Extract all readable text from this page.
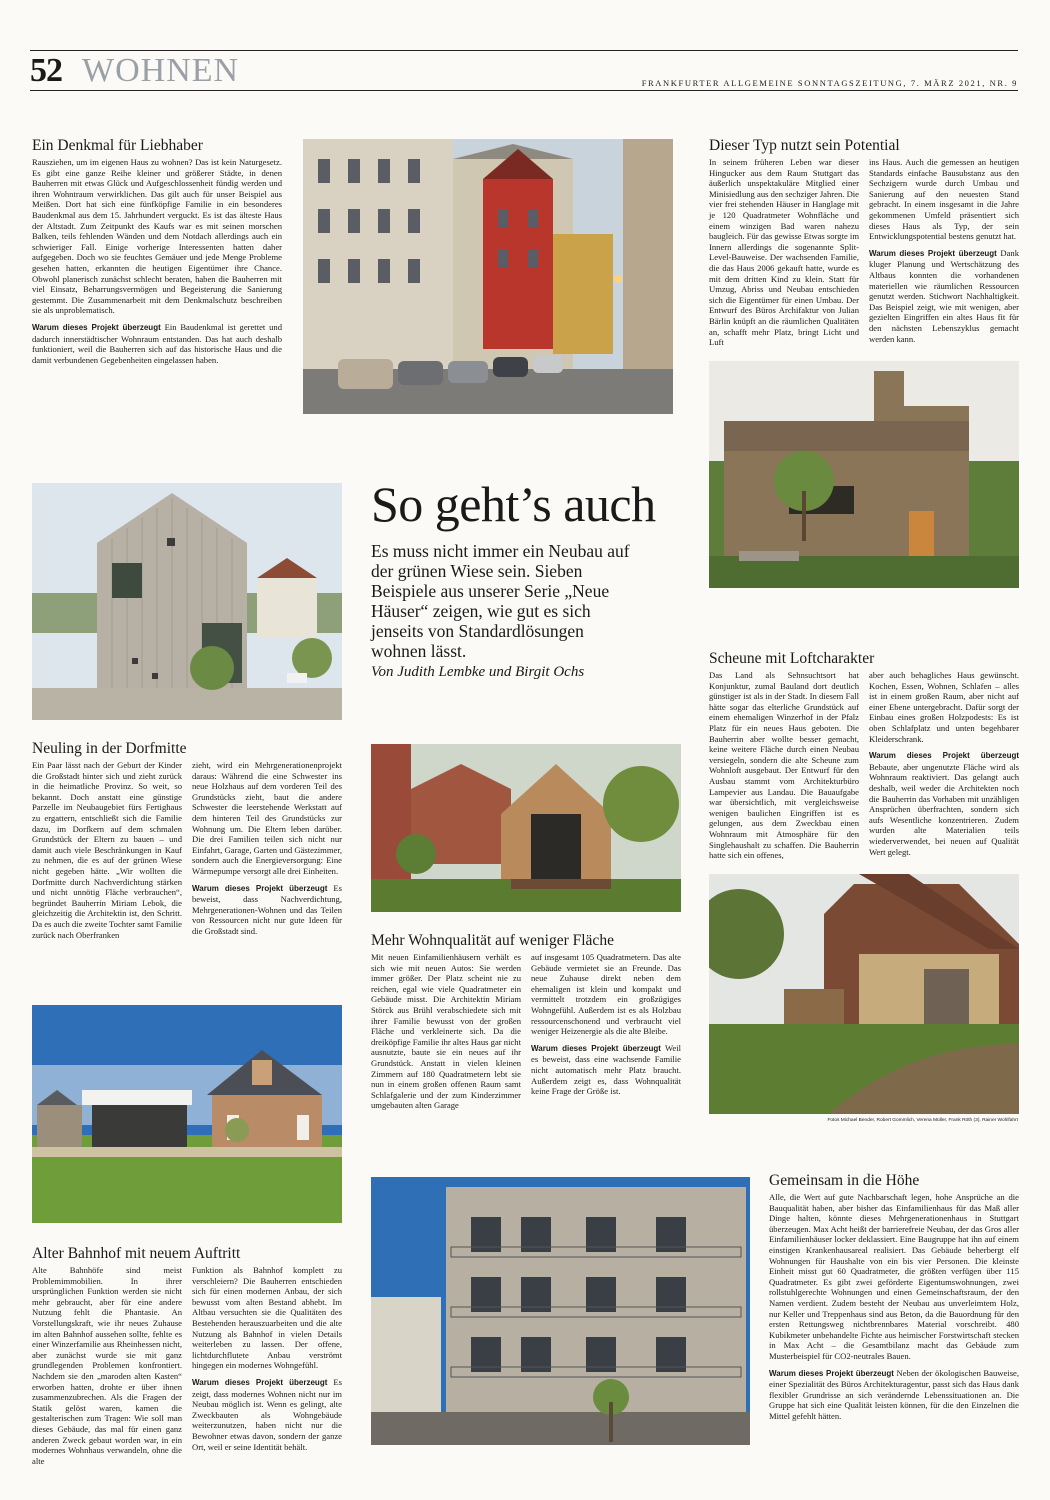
52 WOHNEN	FRANKFURTER ALLGEMEINE SONNTAGSZEITUNG, 7. MÄRZ 2021, NR. 9
Ein Denkmal für Liebhaber

Rausziehen, um im eigenen Haus zu wohnen? Das ist kein Naturgesetz. Es gibt eine ganze Reihe kleiner und größerer Städte, in denen Bauherren mit etwas Glück und Aufgeschlossenheit fündig werden und ihren Wohntraum verwirklichen. Das gilt auch für unser Beispiel aus Meißen. Dort hat sich eine fünfköpfige Familie in ein besonderes Baudenkmal aus dem 15. Jahrhundert verguckt. Es ist das älteste Haus der Altstadt. Zum Zeitpunkt des Kaufs war es mit seinen morschen Balken, teils fehlenden Wänden und dem Notdach allerdings auch ein schwieriger Fall. Einige vorherige Interessenten hatten daher aufgegeben. Doch wo sie feuchtes Gemäuer und jede Menge Probleme gesehen hatten, erkannten die heutigen Eigentümer ihre Chance. Obwohl planerisch zunächst schlecht beraten, haben die Bauherren mit viel Einsatz, Beharrungsvermögen und Begeisterung die Sanierung gestemmt. Die Zusammenarbeit mit dem Denkmalschutz beschreiben sie als unproblematisch.

Warum dieses Projekt überzeugt Ein Baudenkmal ist gerettet und dadurch innerstädtischer Wohnraum entstanden. Das hat auch deshalb funktioniert, weil die Bauherren sich auf das historische Haus und die damit verbundenen Gegebenheiten eingelassen haben.

Dieser Typ nutzt sein Potential

In seinem früheren Leben war dieser Hingucker aus dem Raum Stuttgart das äußerlich unspektakuläre Mitglied einer Minisiedlung aus den sechziger Jahren. Die vier frei stehenden Häuser in Hanglage mit je 120 Quadratmeter Wohnfläche und einem winzigen Bad waren nahezu baugleich. Für das gewisse Etwas sorgte im Innern allerdings die sogenannte Split-Level-Bauweise. Der wachsenden Familie, die das Haus 2006 gekauft hatte, wurde es mit dem dritten Kind zu klein. Statt für Umzug, Abriss und Neubau entschieden sich die Eigentümer für einen Umbau. Der Entwurf des Büros Archifaktur von Julian Bärlin knüpft an die räumlichen Qualitäten an, schafft mehr Platz, bringt Licht und Luft

ins Haus. Auch die gemessen an heutigen Standards einfache Bausubstanz aus den Sechzigern wurde durch Umbau und Sanierung auf den neuesten Stand gebracht. In einem insgesamt in die Jahre gekommenen Umfeld präsentiert sich dieses Haus als Typ, der sein Entwicklungspotential bestens genutzt hat.

Warum dieses Projekt überzeugt Dank kluger Planung und Wertschätzung des Altbaus konnten die vorhandenen materiellen wie räumlichen Ressourcen genutzt werden. Stichwort Nachhaltigkeit. Das Beispiel zeigt, wie mit wenigen, aber gezielten Eingriffen ein altes Haus fit für den nächsten Lebenszyklus gemacht werden kann.

So geht’s auch
Es muss nicht immer ein Neubau auf der grünen Wiese sein. Sieben Beispiele aus unserer Serie „Neue Häuser“ zeigen, wie gut es sich jenseits von Standardlösungen wohnen lässt.
Von Judith Lembke und Birgit Ochs
Neuling in der Dorfmitte

Ein Paar lässt nach der Geburt der Kinder die Großstadt hinter sich und zieht zurück in die heimatliche Provinz. So weit, so bekannt. Doch anstatt eine günstige Parzelle im Neubaugebiet fürs Fertighaus zu ergattern, entschließt sich die Familie dazu, im Dorfkern auf dem schmalen Grundstück der Eltern zu bauen – und damit auch viele Beschränkungen in Kauf zu nehmen, die es auf der grünen Wiese nicht gegeben hätte. „Wir wollten die Dorfmitte durch Nachverdichtung stärken und nicht unnötig Fläche verbrauchen“, begründet Bauherrin Miriam Lebok, die gleichzeitig die Architektin ist, den Schritt. Da es auch die zweite Tochter samt Familie zurück nach Oberfranken

zieht, wird ein Mehrgenerationenprojekt daraus: Während die eine Schwester ins neue Holzhaus auf dem vorderen Teil des Grundstücks zieht, baut die andere Schwester die leerstehende Werkstatt auf dem hinteren Teil des Grundstücks zur Wohnung um. Die Eltern leben darüber. Die drei Familien teilen sich nicht nur Einfahrt, Garage, Garten und Gästezimmer, sondern auch die Energieversorgung: Eine Wärmepumpe versorgt alle drei Einheiten.

Warum dieses Projekt überzeugt Es beweist, dass Nachverdichtung, Mehrgenerationen-Wohnen und das Teilen von Ressourcen nicht nur gute Ideen für die Großstadt sind.

Scheune mit Loftcharakter

Das Land als Sehnsuchtsort hat Konjunktur, zumal Bauland dort deutlich günstiger ist als in der Stadt. In diesem Fall hätte sogar das elterliche Grundstück auf einem ehemaligen Winzerhof in der Pfalz Platz für ein neues Haus geboten. Die Bauherrin aber wollte besser gemacht, keine weitere Fläche durch einen Neubau versiegeln, sondern die alte Scheune zum Wohnloft ausgebaut. Der Entwurf für den Ausbau stammt vom Architekturbüro Lampevier aus Landau. Die Bauaufgabe war übersichtlich, mit vergleichsweise wenigen baulichen Eingriffen ist es gelungen, aus dem Zweckbau einen Wohnraum mit Atmosphäre für den Singlehaushalt zu schaffen. Die Bauherrin hatte sich ein offenes,

aber auch behagliches Haus gewünscht. Kochen, Essen, Wohnen, Schlafen – alles ist in einem großen Raum, aber nicht auf einer Ebene untergebracht. Dafür sorgt der Einbau eines großen Holzpodests: Es ist oben Schlafplatz und unten begehbarer Kleiderschrank.

Warum dieses Projekt überzeugt Bebaute, aber ungenutzte Fläche wird als Wohnraum reaktiviert. Das gelangt auch deshalb, weil weder die Architekten noch die Bauherrin das Vorhaben mit unzähligen Ansprüchen überfrachten, sondern sich aufs Wesentliche konzentrieren. Zudem wurden alte Materialien teils wiederverwendet, bei neuen auf Qualität Wert gelegt.

Mehr Wohnqualität auf weniger Fläche

Mit neuen Einfamilienhäusern verhält es sich wie mit neuen Autos: Sie werden immer größer. Der Platz scheint nie zu reichen, egal wie viele Quadratmeter ein Gebäude misst. Die Architektin Miriam Störck aus Brühl verabschiedete sich mit ihrer Familie bewusst von der großen Fläche und verkleinerte sich. Da die dreiköpfige Familie ihr altes Haus gar nicht ausnutzte, baute sie ein neues auf ihr Grundstück. Anstatt in vielen kleinen Zimmern auf 180 Quadratmetern lebt sie nun in einem großen offenen Raum samt Schlafgalerie und der zum Kinderzimmer umgebauten alten Garage

auf insgesamt 105 Quadratmetern. Das alte Gebäude vermietet sie an Freunde. Das neue Zuhause direkt neben dem ehemaligen ist klein und kompakt und vermittelt trotzdem ein großzügiges Wohngefühl. Außerdem ist es als Holzbau ressourcenschonend und verbraucht viel weniger Heizenergie als die alte Bleibe.

Warum dieses Projekt überzeugt Weil es beweist, dass eine wachsende Familie nicht automatisch mehr Platz braucht. Außerdem zeigt es, dass Wohnqualität keine Frage der Größe ist.

Fotos Michael Bender, Robert Gommlich, Verena Müller, Frank Röth (3), Rainer Wohlfahrt
Alter Bahnhof mit neuem Auftritt

Alte Bahnhöfe sind meist Problemimmobilien. In ihrer ursprünglichen Funktion werden sie nicht mehr gebraucht, aber für eine andere Nutzung fehlt die Phantasie. An Vorstellungskraft, wie ihr neues Zuhause im alten Bahnhof aussehen sollte, fehlte es einer Winzerfamilie aus Rheinhessen nicht, aber zunächst wurde sie mit ganz grundlegenden Problemen konfrontiert. Nachdem sie den „maroden alten Kasten“ erworben hatten, drohte er über ihnen zusammenzubrechen. Als die Fragen der Statik gelöst waren, kamen die gestalterischen zum Tragen: Wie soll man dieses Gebäude, das mal für einen ganz anderen Zweck gebaut worden war, in ein modernes Wohnhaus verwandeln, ohne die alte

Funktion als Bahnhof komplett zu verschleiern? Die Bauherren entschieden sich für einen modernen Anbau, der sich bewusst vom alten Bestand abhebt. Im Altbau versuchten sie die Qualitäten des Bestehenden herauszuarbeiten und die alte Nutzung als Bahnhof in vielen Details weiterleben zu lassen. Der offene, lichtdurchflutete Anbau verströmt hingegen ein modernes Wohngefühl.

Warum dieses Projekt überzeugt Es zeigt, dass modernes Wohnen nicht nur im Neubau möglich ist. Wenn es gelingt, alte Zweckbauten als Wohngebäude weiterzunutzen, haben nicht nur die Bewohner etwas davon, sondern der ganze Ort, weil er seine Identität behält.

Gemeinsam in die Höhe

Alle, die Wert auf gute Nachbarschaft legen, hohe Ansprüche an die Bauqualität haben, aber bisher das Einfamilienhaus für das Maß aller Dinge halten, könnte dieses Mehrgenerationenhaus in Stuttgart überzeugen. Max Acht heißt der barrierefreie Neubau, der das Gros aller Einfamilienhäuser locker deklassiert. Eine Baugruppe hat ihn auf einem einstigen Krankenhausareal realisiert. Das Gebäude beherbergt elf Wohnungen für Haushalte von ein bis vier Personen. Die kleinste Einheit misst gut 60 Quadratmeter, die größten verfügen über 115 Quadratmeter. Es gibt zwei geförderte Eigentumswohnungen, zwei rollstuhlgerechte Wohnungen und einen Gemeinschaftsraum, der den Namen verdient. Zudem besteht der Neubau aus unverleimtem Holz, nur Keller und Treppenhaus sind aus Beton, da die Bauordnung für den ersten Rettungsweg nichtbrennbares Material vorschreibt. 480 Kubikmeter unbehandelte Fichte aus heimischer Forstwirtschaft stecken in Max Acht – die Gesamtbilanz macht das Gebäude zum Musterbeispiel für CO2-neutrales Bauen.

Warum dieses Projekt überzeugt Neben der ökologischen Bauweise, einer Spezialität des Büros Architekturagentur, passt sich das Haus dank flexibler Grundrisse an sich verändernde Lebenssituationen an. Die Gruppe hat sich eine Qualität leisten können, für die den Einzelnen die Mittel gefehlt hätten.
